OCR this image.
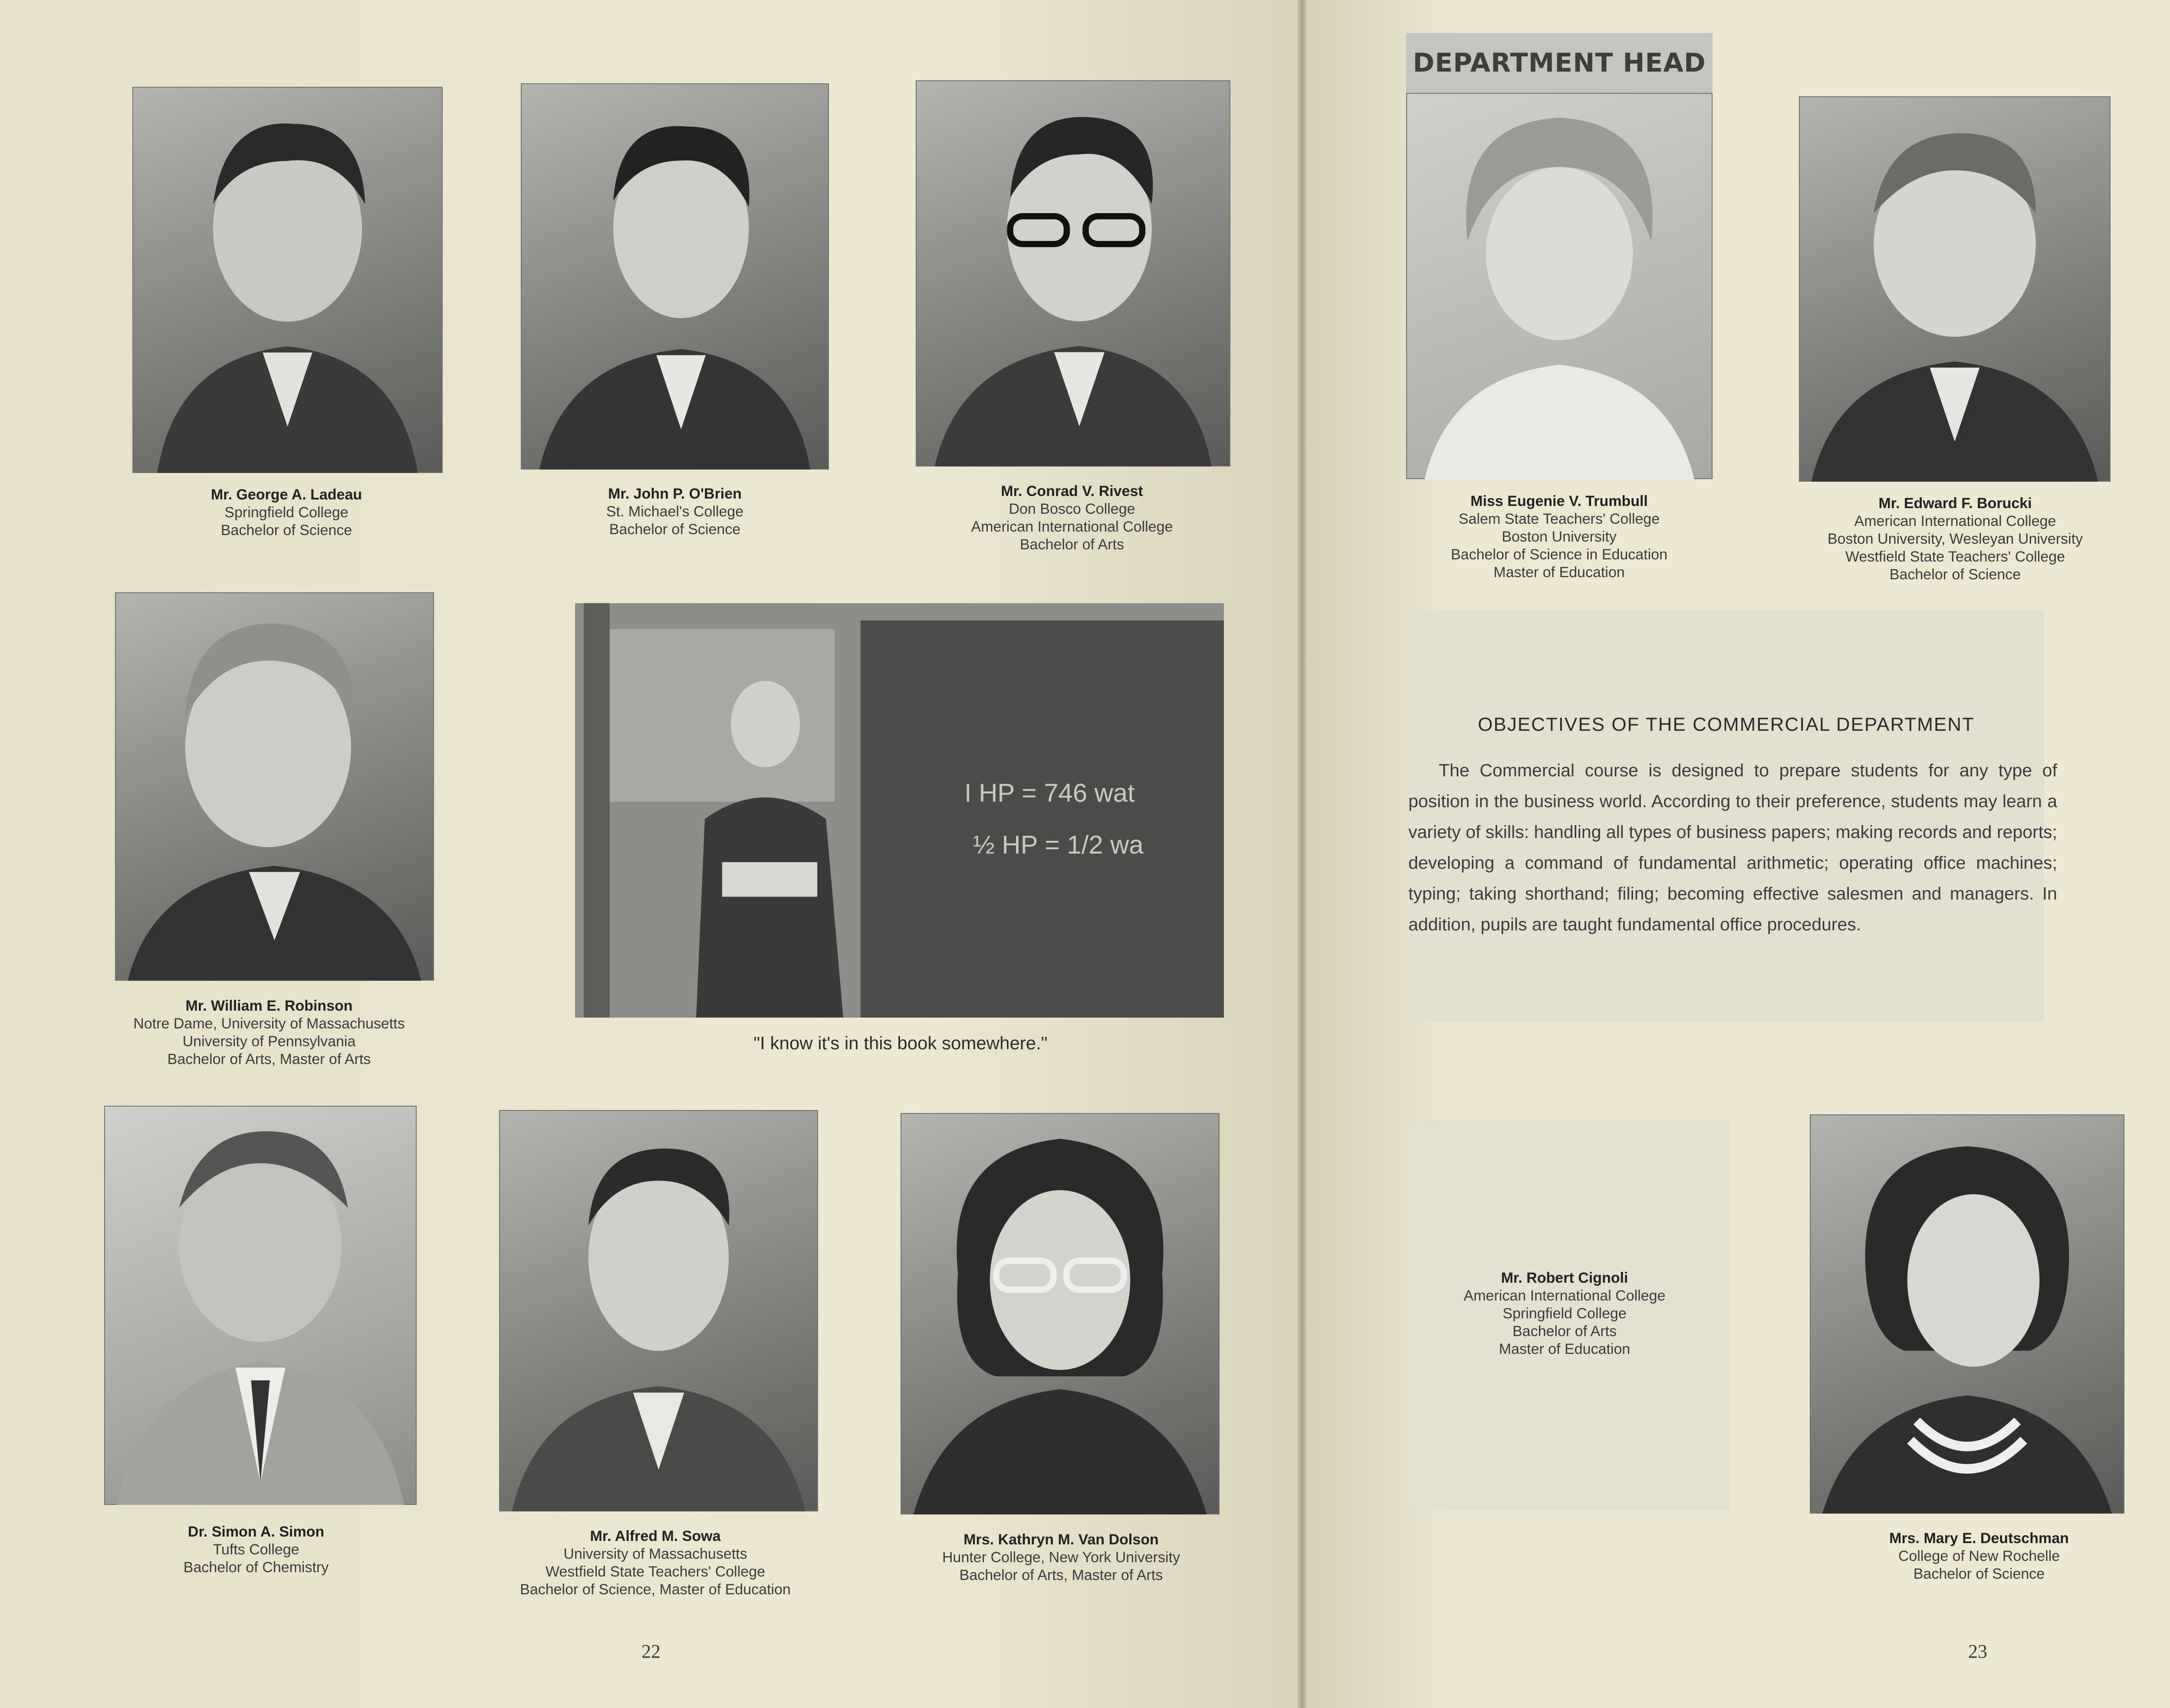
I HP = 746 wat
½ HP = 1/2 wa
Mr. George A. Ladeau
Springfield College
Bachelor of Science
Mr. John P. O'Brien
St. Michael's College
Bachelor of Science
Mr. Conrad V. Rivest
Don Bosco College
American International College
Bachelor of Arts
Mr. William E. Robinson
Notre Dame, University of Massachusetts
University of Pennsylvania
Bachelor of Arts, Master of Arts
"I know it's in this book somewhere."
Dr. Simon A. Simon
Tufts College
Bachelor of Chemistry
Mr. Alfred M. Sowa
University of Massachusetts
Westfield State Teachers' College
Bachelor of Science, Master of Education
Mrs. Kathryn M. Van Dolson
Hunter College, New York University
Bachelor of Arts, Master of Arts
22
DEPARTMENT HEAD
Miss Eugenie V. Trumbull
Salem State Teachers' College
Boston University
Bachelor of Science in Education
Master of Education
Mr. Edward F. Borucki
American International College
Boston University, Wesleyan University
Westfield State Teachers' College
Bachelor of Science
OBJECTIVES OF THE COMMERCIAL DEPARTMENT
The Commercial course is designed to prepare students for any type of position in the business world. According to their preference, students may learn a variety of skills: handling all types of business papers; making records and reports; developing a command of fundamental arithmetic; operating office machines; typing; taking shorthand; filing; becoming effective salesmen and managers. In addition, pupils are taught fundamental office procedures.
Mr. Robert Cignoli
American International College
Springfield College
Bachelor of Arts
Master of Education
Mrs. Mary E. Deutschman
College of New Rochelle
Bachelor of Science
23
